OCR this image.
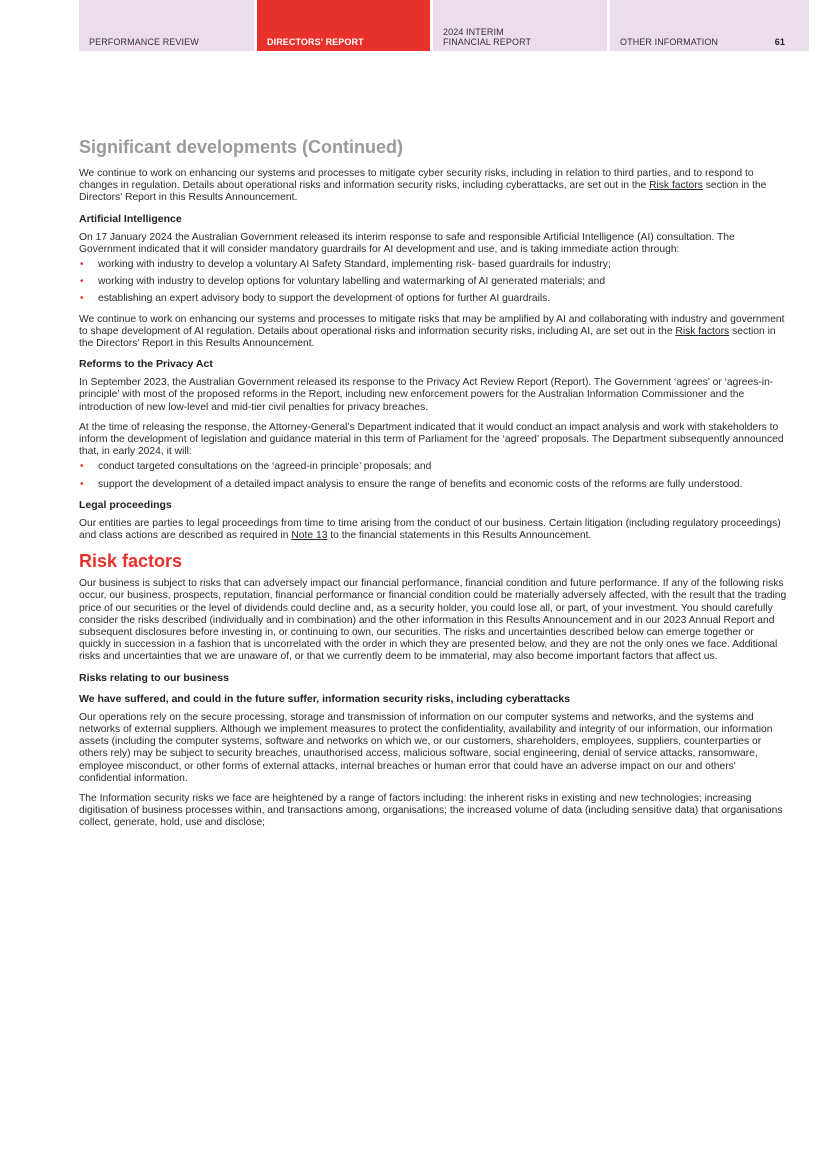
PERFORMANCE REVIEW	DIRECTORS' REPORT
2024 INTERIM
FINANCIAL REPORT	OTHER INFORMATION	61
Significant developments (Continued)

We continue to work on enhancing our systems and processes to mitigate cyber security risks, including in relation to third parties, and to respond to changes in regulation. Details about operational risks and information security risks, including cyberattacks, are set out in the Risk factors section in the Directors' Report in this Results Announcement.

Artificial Intelligence

On 17 January 2024 the Australian Government released its interim response to safe and responsible Artificial Intelligence (AI) consultation. The Government indicated that it will consider mandatory guardrails for AI development and use, and is taking immediate action through:

• working with industry to develop a voluntary AI Safety Standard, implementing risk- based guardrails for industry;
• working with industry to develop options for voluntary labelling and watermarking of AI generated materials; and
• establishing an expert advisory body to support the development of options for further AI guardrails.

We continue to work on enhancing our systems and processes to mitigate risks that may be amplified by AI and collaborating with industry and government to shape development of AI regulation. Details about operational risks and information security risks, including AI, are set out in the Risk factors section in the Directors' Report in this Results Announcement.

Reforms to the Privacy Act

In September 2023, the Australian Government released its response to the Privacy Act Review Report (Report). The Government ‘agrees’ or ‘agrees-in-principle’ with most of the proposed reforms in the Report, including new enforcement powers for the Australian Information Commissioner and the introduction of new low-level and mid-tier civil penalties for privacy breaches.

At the time of releasing the response, the Attorney-General’s Department indicated that it would conduct an impact analysis and work with stakeholders to inform the development of legislation and guidance material in this term of Parliament for the ‘agreed’ proposals. The Department subsequently announced that, in early 2024, it will:

• conduct targeted consultations on the ‘agreed-in principle’ proposals; and
• support the development of a detailed impact analysis to ensure the range of benefits and economic costs of the reforms are fully understood.
Legal proceedings

Our entities are parties to legal proceedings from time to time arising from the conduct of our business. Certain litigation (including regulatory proceedings) and class actions are described as required in Note 13 to the financial statements in this Results Announcement.

Risk factors

Our business is subject to risks that can adversely impact our financial performance, financial condition and future performance. If any of the following risks occur, our business, prospects, reputation, financial performance or financial condition could be materially adversely affected, with the result that the trading price of our securities or the level of dividends could decline and, as a security holder, you could lose all, or part, of your investment. You should carefully consider the risks described (individually and in combination) and the other information in this Results Announcement and in our 2023 Annual Report and subsequent disclosures before investing in, or continuing to own, our securities. The risks and uncertainties described below can emerge together or quickly in succession in a fashion that is uncorrelated with the order in which they are presented below, and they are not the only ones we face. Additional risks and uncertainties that we are unaware of, or that we currently deem to be immaterial, may also become important factors that affect us.

Risks relating to our business
We have suffered, and could in the future suffer, information security risks, including cyberattacks

Our operations rely on the secure processing, storage and transmission of information on our computer systems and networks, and the systems and networks of external suppliers. Although we implement measures to protect the confidentiality, availability and integrity of our information, our information assets (including the computer systems, software and networks on which we, or our customers, shareholders, employees, suppliers, counterparties or others rely) may be subject to security breaches, unauthorised access, malicious software, social engineering, denial of service attacks, ransomware, employee misconduct, or other forms of external attacks, internal breaches or human error that could have an adverse impact on our and others' confidential information.

The Information security risks we face are heightened by a range of factors including: the inherent risks in existing and new technologies; increasing digitisation of business processes within, and transactions among, organisations; the increased volume of data (including sensitive data) that organisations collect, generate, hold, use and disclose;
